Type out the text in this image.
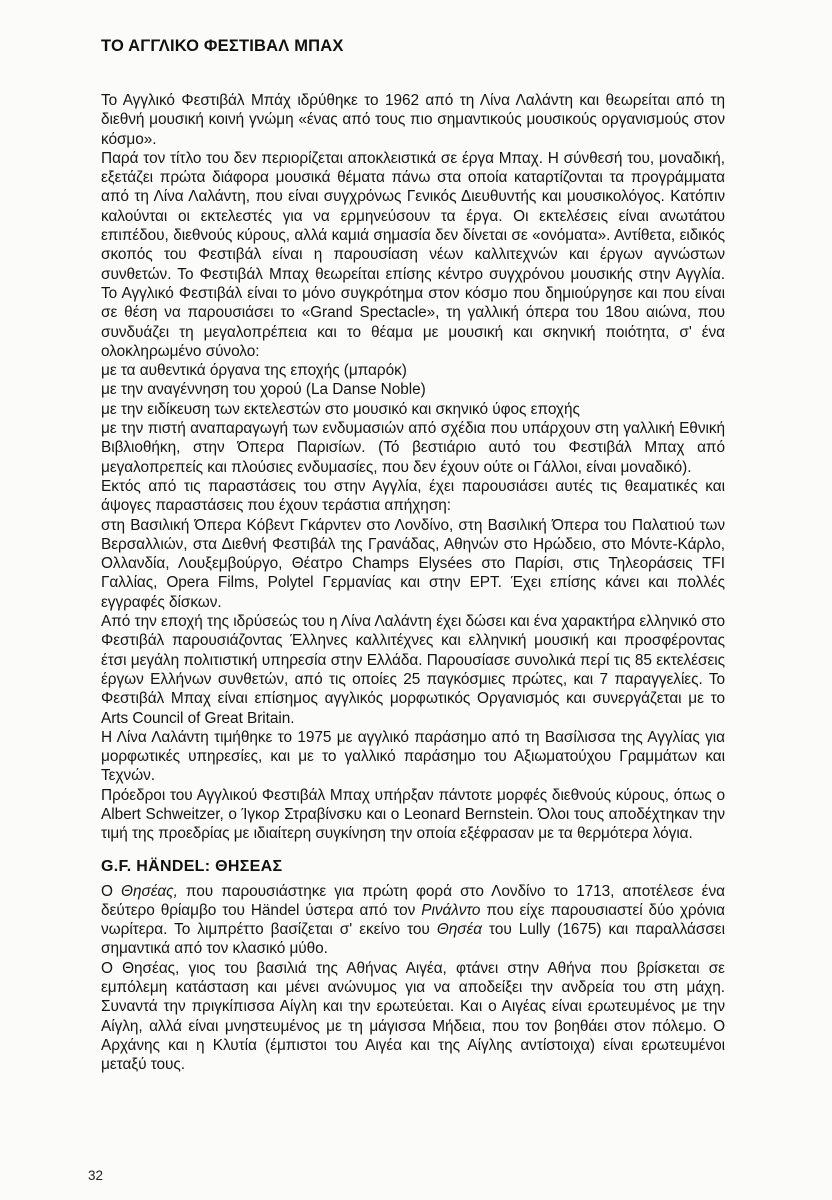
ΤΟ ΑΓΓΛΙΚΟ ΦΕΣΤΙΒΑΛ ΜΠΑΧ

Το Αγγλικό Φεστιβάλ Μπάχ ιδρύθηκε το 1962 από τη Λίνα Λαλάντη και θεωρείται από τη διεθνή μουσική κοινή γνώμη «ένας από τους πιο σημαντικούς μουσικούς οργανισμούς στον κόσμο».

Παρά τον τίτλο του δεν περιορίζεται αποκλειστικά σε έργα Μπαχ. Η σύνθεσή του, μοναδική, εξετάζει πρώτα διάφορα μουσικά θέματα πάνω στα οποία καταρτίζονται τα προγράμματα από τη Λίνα Λαλάντη, που είναι συγχρόνως Γενικός Διευθυντής και μουσικολόγος. Κατόπιν καλούνται οι εκτελεστές για να ερμηνεύσουν τα έργα. Οι εκτελέσεις είναι ανωτάτου επιπέδου, διεθνούς κύρους, αλλά καμιά σημασία δεν δίνεται σε «ονόματα». Αντίθετα, ειδικός σκοπός του Φεστιβάλ είναι η παρουσίαση νέων καλλιτεχνών και έργων αγνώστων συνθετών. Το Φεστιβάλ Μπαχ θεωρείται επίσης κέντρο συγχρόνου μουσικής στην Αγγλία. Το Αγγλικό Φεστιβάλ είναι το μόνο συγκρότημα στον κόσμο που δημιούργησε και που είναι σε θέση να παρουσιάσει το «Grand Spectacle», τη γαλλική όπερα του 18ου αιώνα, που συνδυάζει τη μεγαλοπρέπεια και το θέαμα με μουσική και σκηνική ποιότητα, σ' ένα ολοκληρωμένο σύνολο:

με τα αυθεντικά όργανα της εποχής (μπαρόκ)

με την αναγέννηση του χορού (La Danse Noble)

με την ειδίκευση των εκτελεστών στο μουσικό και σκηνικό ύφος εποχής

με την πιστή αναπαραγωγή των ενδυμασιών από σχέδια που υπάρχουν στη γαλλική Εθνική Βιβλιοθήκη, στην Όπερα Παρισίων. (Τό βεστιάριο αυτό του Φεστιβάλ Μπαχ από μεγαλοπρεπείς και πλούσιες ενδυμασίες, που δεν έχουν ούτε οι Γάλλοι, είναι μοναδικό).

Εκτός από τις παραστάσεις του στην Αγγλία, έχει παρουσιάσει αυτές τις θεαματικές και άψογες παραστάσεις που έχουν τεράστια απήχηση:

στη Βασιλική Όπερα Κόβεντ Γκάρντεν στο Λονδίνο, στη Βασιλική Όπερα του Παλατιού των Βερσαλλιών, στα Διεθνή Φεστιβάλ της Γρανάδας, Αθηνών στο Ηρώδειο, στο Μόντε-Κάρλο, Ολλανδία, Λουξεμβούργο, Θέατρο Champs Elysées στο Παρίσι, στις Τηλεοράσεις TFI Γαλλίας, Opera Films, Polytel Γερμανίας και στην ΕΡΤ. Έχει επίσης κάνει και πολλές εγγραφές δίσκων.

Από την εποχή της ιδρύσεώς του η Λίνα Λαλάντη έχει δώσει και ένα χαρακτήρα ελληνικό στο Φεστιβάλ παρουσιάζοντας Έλληνες καλλιτέχνες και ελληνική μουσική και προσφέροντας έτσι μεγάλη πολιτιστική υπηρεσία στην Ελλάδα. Παρουσίασε συνολικά περί τις 85 εκτελέσεις έργων Ελλήνων συνθετών, από τις οποίες 25 παγκόσμιες πρώτες, και 7 παραγγελίες. Το Φεστιβάλ Μπαχ είναι επίσημος αγγλικός μορφωτικός Οργανισμός και συνεργάζεται με το Arts Council of Great Britain.

Η Λίνα Λαλάντη τιμήθηκε το 1975 με αγγλικό παράσημο από τη Βασίλισσα της Αγγλίας για μορφωτικές υπηρεσίες, και με το γαλλικό παράσημο του Αξιωματούχου Γραμμάτων και Τεχνών.

Πρόεδροι του Αγγλικού Φεστιβάλ Μπαχ υπήρξαν πάντοτε μορφές διεθνούς κύρους, όπως ο Albert Schweitzer, ο Ίγκορ Στραβίνσκυ και ο Leonard Bernstein. Όλοι τους αποδέχτηκαν την τιμή της προεδρίας με ιδιαίτερη συγκίνηση την οποία εξέφρασαν με τα θερμότερα λόγια.

G.F. HÄNDEL: ΘΗΣΕΑΣ

Ο Θησέας, που παρουσιάστηκε για πρώτη φορά στο Λονδίνο το 1713, αποτέλεσε ένα δεύτερο θρίαμβο του Händel ύστερα από τον Ρινάλντο που είχε παρουσιαστεί δύο χρόνια νωρίτερα. Το λιμπρέττο βασίζεται σ' εκείνο του Θησέα του Lully (1675) και παραλλάσσει σημαντικά από τον κλασικό μύθο.

Ο Θησέας, γιος του βασιλιά της Αθήνας Αιγέα, φτάνει στην Αθήνα που βρίσκεται σε εμπόλεμη κατάσταση και μένει ανώνυμος για να αποδείξει την ανδρεία του στη μάχη. Συναντά την πριγκίπισσα Αίγλη και την ερωτεύεται. Και ο Αιγέας είναι ερωτευμένος με την Αίγλη, αλλά είναι μνηστευμένος με τη μάγισσα Μήδεια, που τον βοηθάει στον πόλεμο. Ο Αρχάνης και η Κλυτία (έμπιστοι του Αιγέα και της Αίγλης αντίστοιχα) είναι ερωτευμένοι μεταξύ τους.

32
